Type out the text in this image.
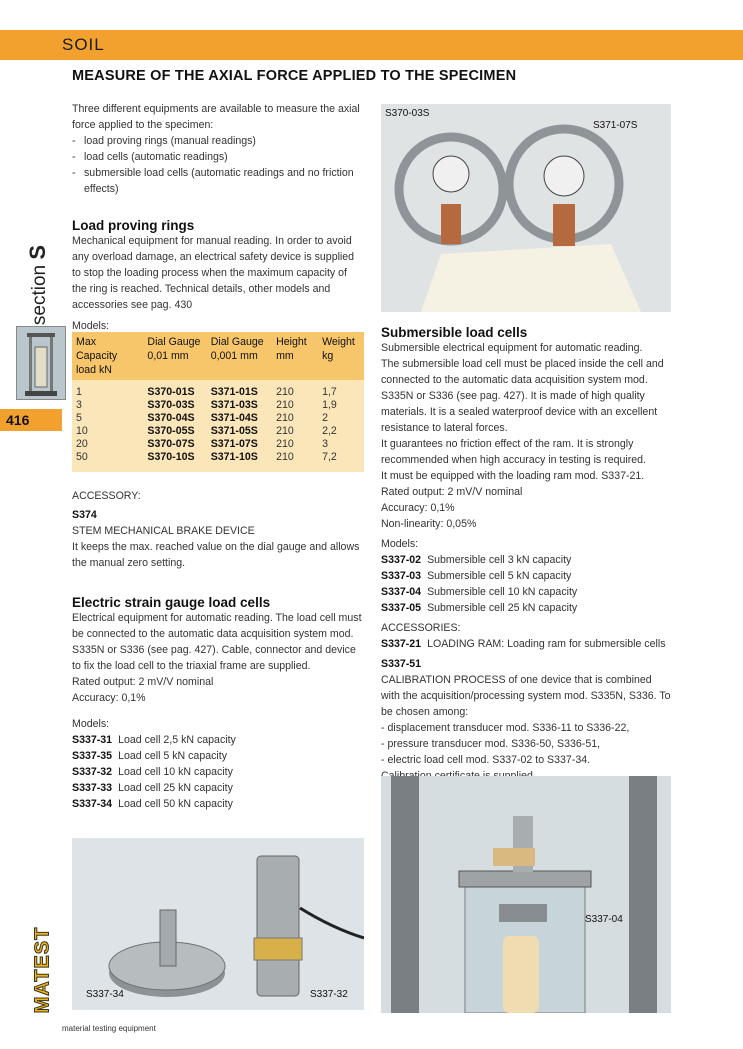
SOIL
MEASURE OF THE AXIAL FORCE APPLIED TO THE SPECIMEN
section S
416
Three different equipments are available to measure the axial force applied to the specimen:
- load proving rings (manual readings)
- load cells (automatic readings)
- submersible load cells (automatic readings and no friction effects)
Load proving rings
Mechanical equipment for manual reading. In order to avoid any overload damage, an electrical safety device is supplied to stop the loading process when the maximum capacity of the ring is reached. Technical details, other models and accessories see pag. 430
Models:
Max Capacity load kN	Dial Gauge 0,01 mm	Dial Gauge 0,001 mm	Height mm	Weight kg

1	S370-01S	S371-01S	210	1,7
3	S370-03S	S371-03S	210	1,9
5	S370-04S	S371-04S	210	2
10	S370-05S	S371-05S	210	2,2
20	S370-07S	S371-07S	210	3
50	S370-10S	S371-10S	210	7,2

ACCESSORY:
S374
STEM MECHANICAL BRAKE DEVICE
It keeps the max. reached value on the dial gauge and allows the manual zero setting.
Electric strain gauge load cells
Electrical equipment for automatic reading. The load cell must be connected to the automatic data acquisition system mod. S335N or S336 (see pag. 427). Cable, connector and device to fix the load cell to the triaxial frame are supplied.
Rated output: 2 mV/V nominal
Accuracy: 0,1%
Models:
S337-31 Load cell 2,5 kN capacity
S337-35 Load cell 5 kN capacity
S337-32 Load cell 10 kN capacity
S337-33 Load cell 25 kN capacity
S337-34 Load cell 50 kN capacity
S337-34	S337-32
S370-03S
S371-07S
Submersible load cells
Submersible electrical equipment for automatic reading.
The submersible load cell must be placed inside the cell and connected to the automatic data acquisition system mod. S335N or S336 (see pag. 427). It is made of high quality materials. It is a sealed waterproof device with an excellent resistance to lateral forces.
It guarantees no friction effect of the ram. It is strongly recommended when high accuracy in testing is required.
It must be equipped with the loading ram mod. S337-21.
Rated output: 2 mV/V nominal
Accuracy: 0,1%
Non-linearity: 0,05%
Models:
S337-02 Submersible cell 3 kN capacity
S337-03 Submersible cell 5 kN capacity
S337-04 Submersible cell 10 kN capacity
S337-05 Submersible cell 25 kN capacity
ACCESSORIES:
S337-21 LOADING RAM: Loading ram for submersible cells
S337-51
CALIBRATION PROCESS of one device that is combined with the acquisition/processing system mod. S335N, S336. To be chosen among:
- displacement transducer mod. S336-11 to S336-22,
- pressure transducer mod. S336-50, S336-51,
- electric load cell mod. S337-02 to S337-34.
S337-04
MATEST
material testing equipment
